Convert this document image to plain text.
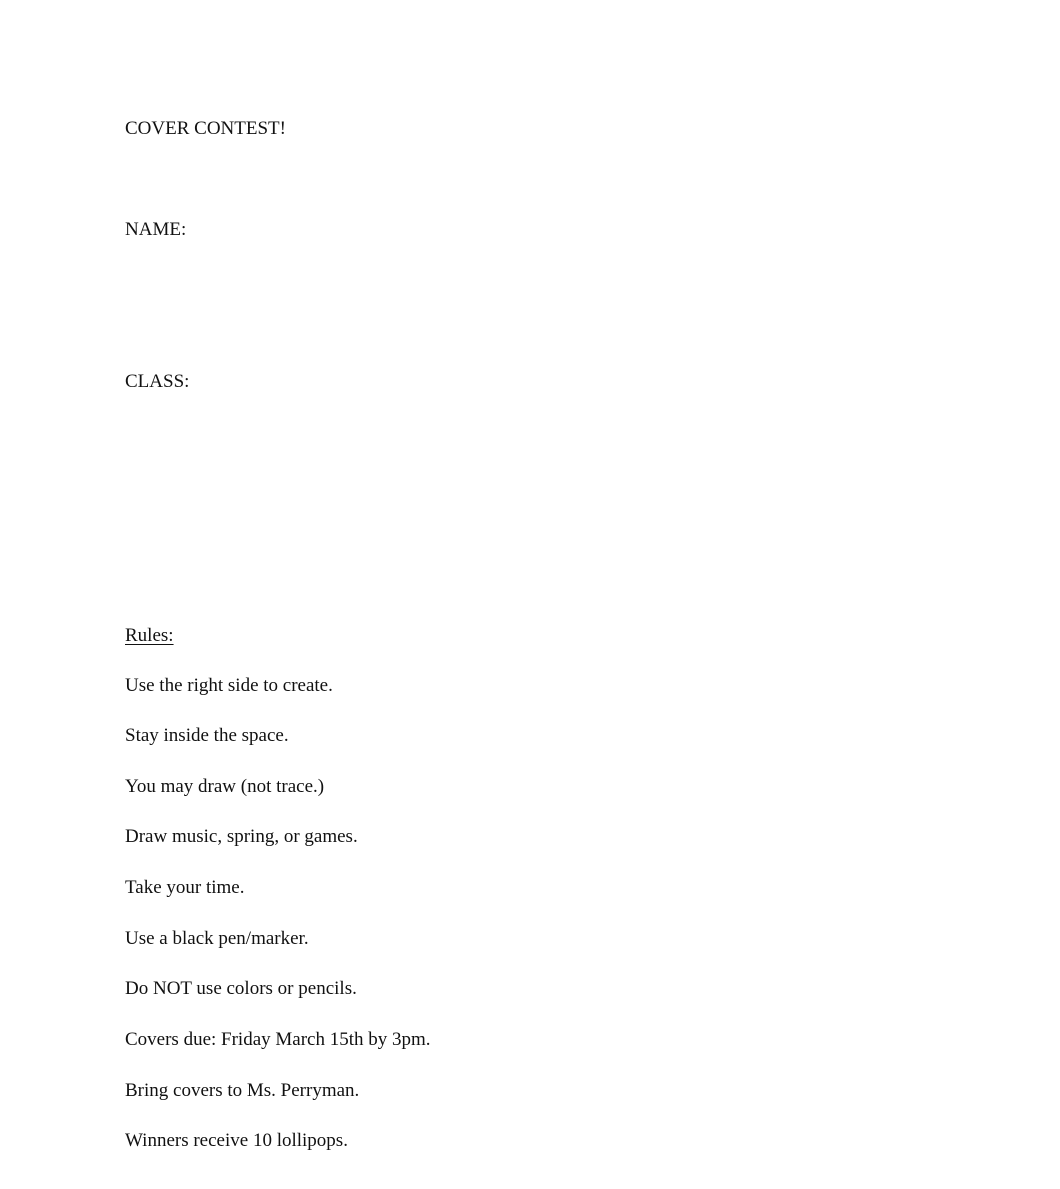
COVER CONTEST!
NAME:
CLASS:
Rules:
Use the right side to create.
Stay inside the space.
You may draw (not trace.)
Draw music, spring, or games.
Take your time.
Use a black pen/marker.
Do NOT use colors or pencils.
Covers due: Friday March 15th by 3pm.
Bring covers to Ms. Perryman.
Winners receive 10 lollipops.
